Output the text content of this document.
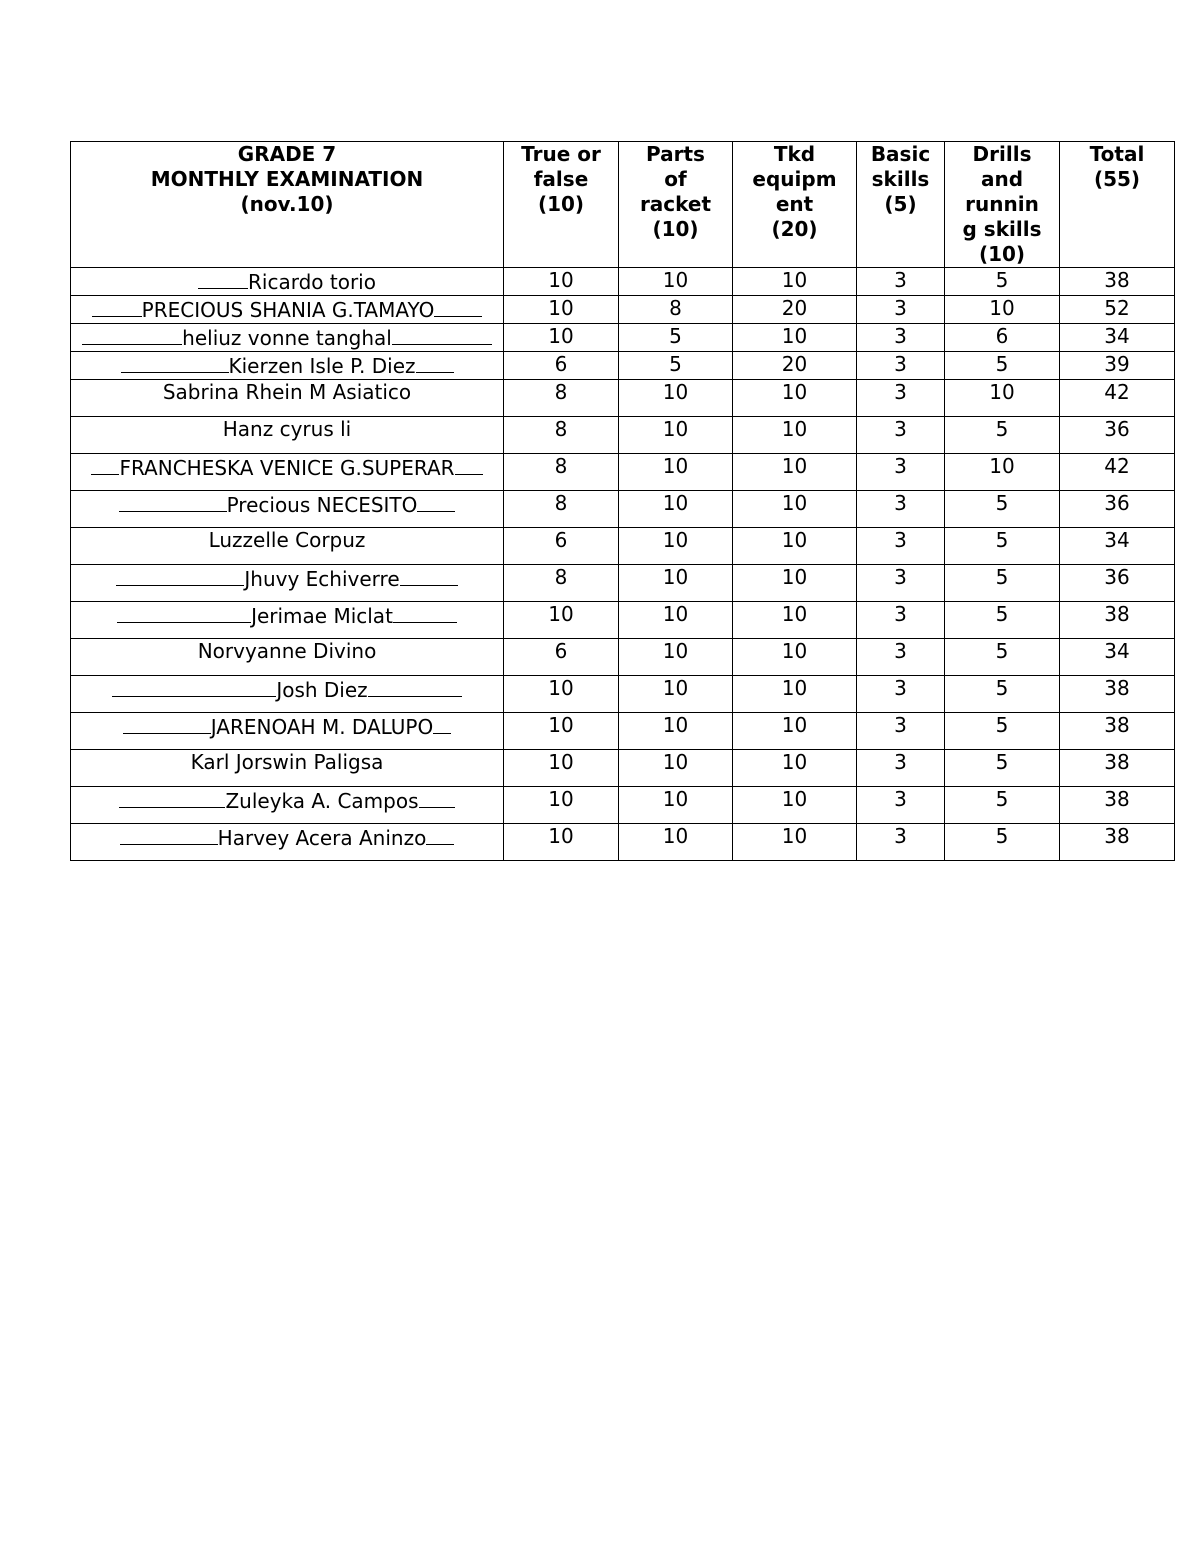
GRADE 7
MONTHLY EXAMINATION
(nov.10)	True or
false
(10)	Parts
of
racket
(10)	Tkd
equipm
ent
(20)	Basic
skills
(5)	Drills
and
runnin
g skills
(10)	Total
(55)

Ricardo torio	10	10	10	3	5	38
PRECIOUS SHANIA G.TAMAYO	10	8	20	3	10	52
heliuz vonne tanghal	10	5	10	3	6	34
Kierzen Isle P. Diez	6	5	20	3	5	39
Sabrina Rhein M Asiatico	8	10	10	3	10	42
Hanz cyrus li	8	10	10	3	5	36
FRANCHESKA VENICE G.SUPERAR	8	10	10	3	10	42
Precious NECESITO	8	10	10	3	5	36
Luzzelle Corpuz	6	10	10	3	5	34
Jhuvy Echiverre	8	10	10	3	5	36
Jerimae Miclat	10	10	10	3	5	38
Norvyanne Divino	6	10	10	3	5	34
Josh Diez	10	10	10	3	5	38
JARENOAH M. DALUPO	10	10	10	3	5	38
Karl Jorswin Paligsa	10	10	10	3	5	38
Zuleyka A. Campos	10	10	10	3	5	38
Harvey Acera Aninzo	10	10	10	3	5	38
